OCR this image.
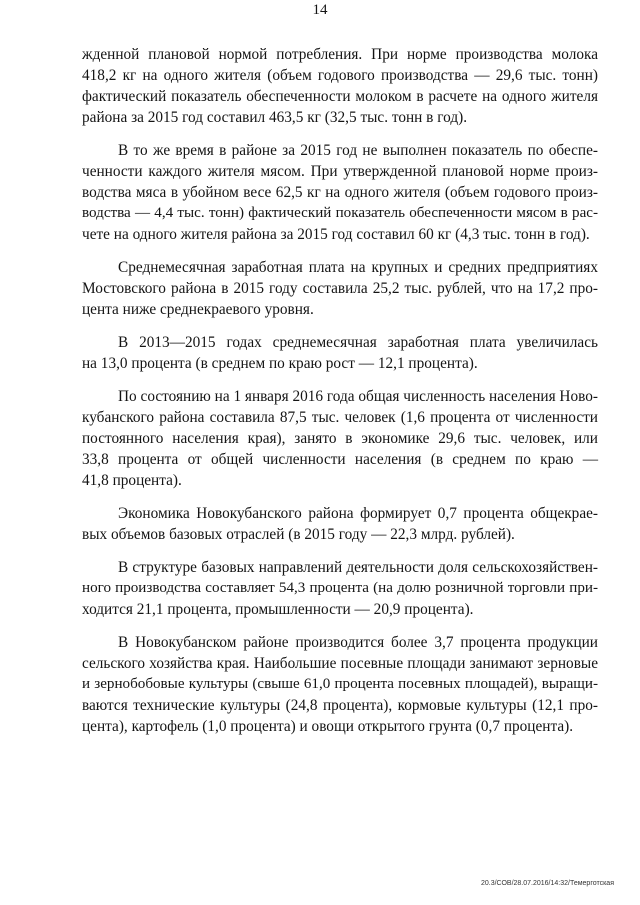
14
жденной плановой нормой потребления. При норме производства молока
418,2 кг на одного жителя (объем годового производства — 29,6 тыс. тонн)
фактический показатель обеспеченности молоком в расчете на одного жителя
района за 2015 год составил 463,5 кг (32,5 тыс. тонн в год).
В то же время в районе за 2015 год не выполнен показатель по обеспе-
ченности каждого жителя мясом. При утвержденной плановой норме произ-
водства мяса в убойном весе 62,5 кг на одного жителя (объем годового произ-
водства — 4,4 тыс. тонн) фактический показатель обеспеченности мясом в рас-
чете на одного жителя района за 2015 год составил 60 кг (4,3 тыс. тонн в год).
Среднемесячная заработная плата на крупных и средних предприятиях
Мостовского района в 2015 году составила 25,2 тыс. рублей, что на 17,2 про-
цента ниже среднекраевого уровня.
В 2013—2015 годах среднемесячная заработная плата увеличилась
на 13,0 процента (в среднем по краю рост — 12,1 процента).
По состоянию на 1 января 2016 года общая численность населения Ново-
кубанского района составила 87,5 тыс. человек (1,6 процента от численности
постоянного населения края), занято в экономике 29,6 тыс. человек, или
33,8 процента от общей численности населения (в среднем по краю —
41,8 процента).
Экономика Новокубанского района формирует 0,7 процента общекрае-
вых объемов базовых отраслей (в 2015 году — 22,3 млрд. рублей).
В структуре базовых направлений деятельности доля сельскохозяйствен-
ного производства составляет 54,3 процента (на долю розничной торговли при-
ходится 21,1 процента, промышленности — 20,9 процента).
В Новокубанском районе производится более 3,7 процента продукции
сельского хозяйства края. Наибольшие посевные площади занимают зерновые
и зернобобовые культуры (свыше 61,0 процента посевных площадей), выращи-
ваются технические культуры (24,8 процента), кормовые культуры (12,1 про-
цента), картофель (1,0 процента) и овощи открытого грунта (0,7 процента).
20.3/СОВ/28.07.2016/14:32/Темерготская
